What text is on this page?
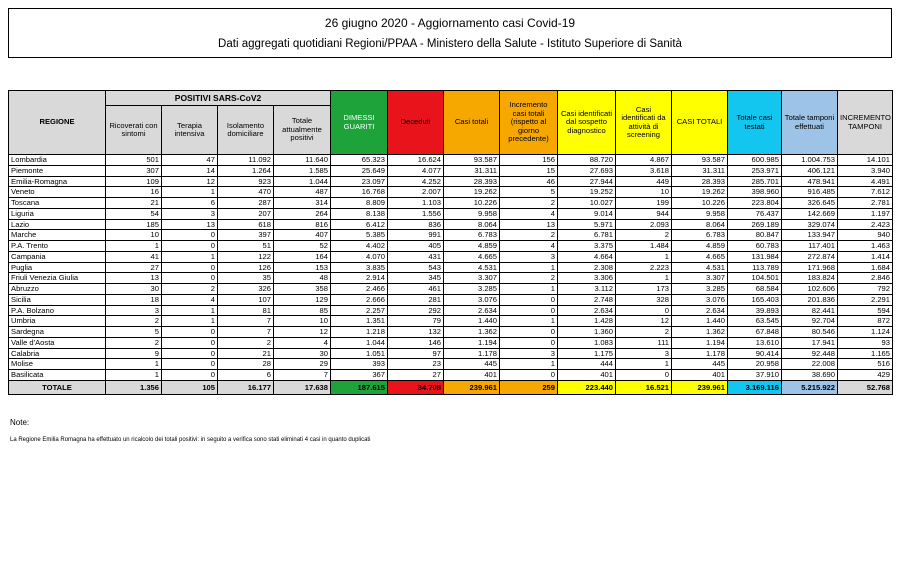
26 giugno 2020 - Aggiornamento casi Covid-19
Dati aggregati quotidiani Regioni/PPAA - Ministero della Salute - Istituto Superiore di Sanità
REGIONE	POSITIVI SARS-CoV2				DIMESSI GUARITI	Deceduti	Casi totali	Incremento casi totali (rispetto al giorno precedente)	Casi identificati dal sospetto diagnostico	Casi identificati da attività di screening	CASI TOTALI	Totale casi testati	Totale tamponi effettuati	INCREMENTO TAMPONI
	Ricoverati con sintomi	Terapia intensiva	Isolamento domiciliare	Totale attualmente positivi										
Lombardia	501	47	11.092	11.640	65.323	16.624	93.587	156	88.720	4.867	93.587	600.985	1.004.753	14.101
Piemonte	307	14	1.264	1.585	25.649	4.077	31.311	15	27.693	3.618	31.311	253.971	406.121	3.940
Emilia-Romagna	109	12	923	1.044	23.097	4.252	28.393	46	27.944	449	28.393	285.701	478.941	4.491
Veneto	16	1	470	487	16.768	2.007	19.262	5	19.252	10	19.262	398.960	916.485	7.612
Toscana	21	6	287	314	8.809	1.103	10.226	2	10.027	199	10.226	223.804	326.645	2.781
Liguria	54	3	207	264	8.138	1.556	9.958	4	9.014	944	9.958	76.437	142.669	1.197
Lazio	185	13	618	816	6.412	836	8.064	13	5.971	2.093	8.064	269.189	329.074	2.423
Marche	10	0	397	407	5.385	991	6.783	2	6.781	2	6.783	80.847	133.947	940
P.A. Trento	1	0	51	52	4.402	405	4.859	4	3.375	1.484	4.859	60.783	117.401	1.463
Campania	41	1	122	164	4.070	431	4.665	3	4.664	1	4.665	131.984	272.874	1.414
Puglia	27	0	126	153	3.835	543	4.531	1	2.308	2.223	4.531	113.789	171.968	1.684
Friuli Venezia Giulia	13	0	35	48	2.914	345	3.307	2	3.306	1	3.307	104.501	183.824	2.846
Abruzzo	30	2	326	358	2.466	461	3.285	1	3.112	173	3.285	68.584	102.606	792
Sicilia	18	4	107	129	2.666	281	3.076	0	2.748	328	3.076	165.403	201.836	2.291
P.A. Bolzano	3	1	81	85	2.257	292	2.634	0	2.634	0	2.634	39.893	82.441	594
Umbria	2	1	7	10	1.351	79	1.440	1	1.428	12	1.440	63.545	92.704	872
Sardegna	5	0	7	12	1.218	132	1.362	0	1.360	2	1.362	67.848	80.546	1.124
Valle d'Aosta	2	0	2	4	1.044	146	1.194	0	1.083	111	1.194	13.610	17.941	93
Calabria	9	0	21	30	1.051	97	1.178	3	1.175	3	1.178	90.414	92.448	1.165
Molise	1	0	28	29	393	23	445	1	444	1	445	20.958	22.008	516
Basilicata	1	0	6	7	367	27	401	0	401	0	401	37.910	38.690	429
TOTALE	1.356	105	16.177	17.638	187.615	34.708	239.961	259	223.440	16.521	239.961	3.169.116	5.215.922	52.768
Note:
La Regione Emilia Romagna ha effettuato un ricalcolo dei totali positivi: in seguito a verifica sono stati eliminati 4 casi in quanto duplicati
